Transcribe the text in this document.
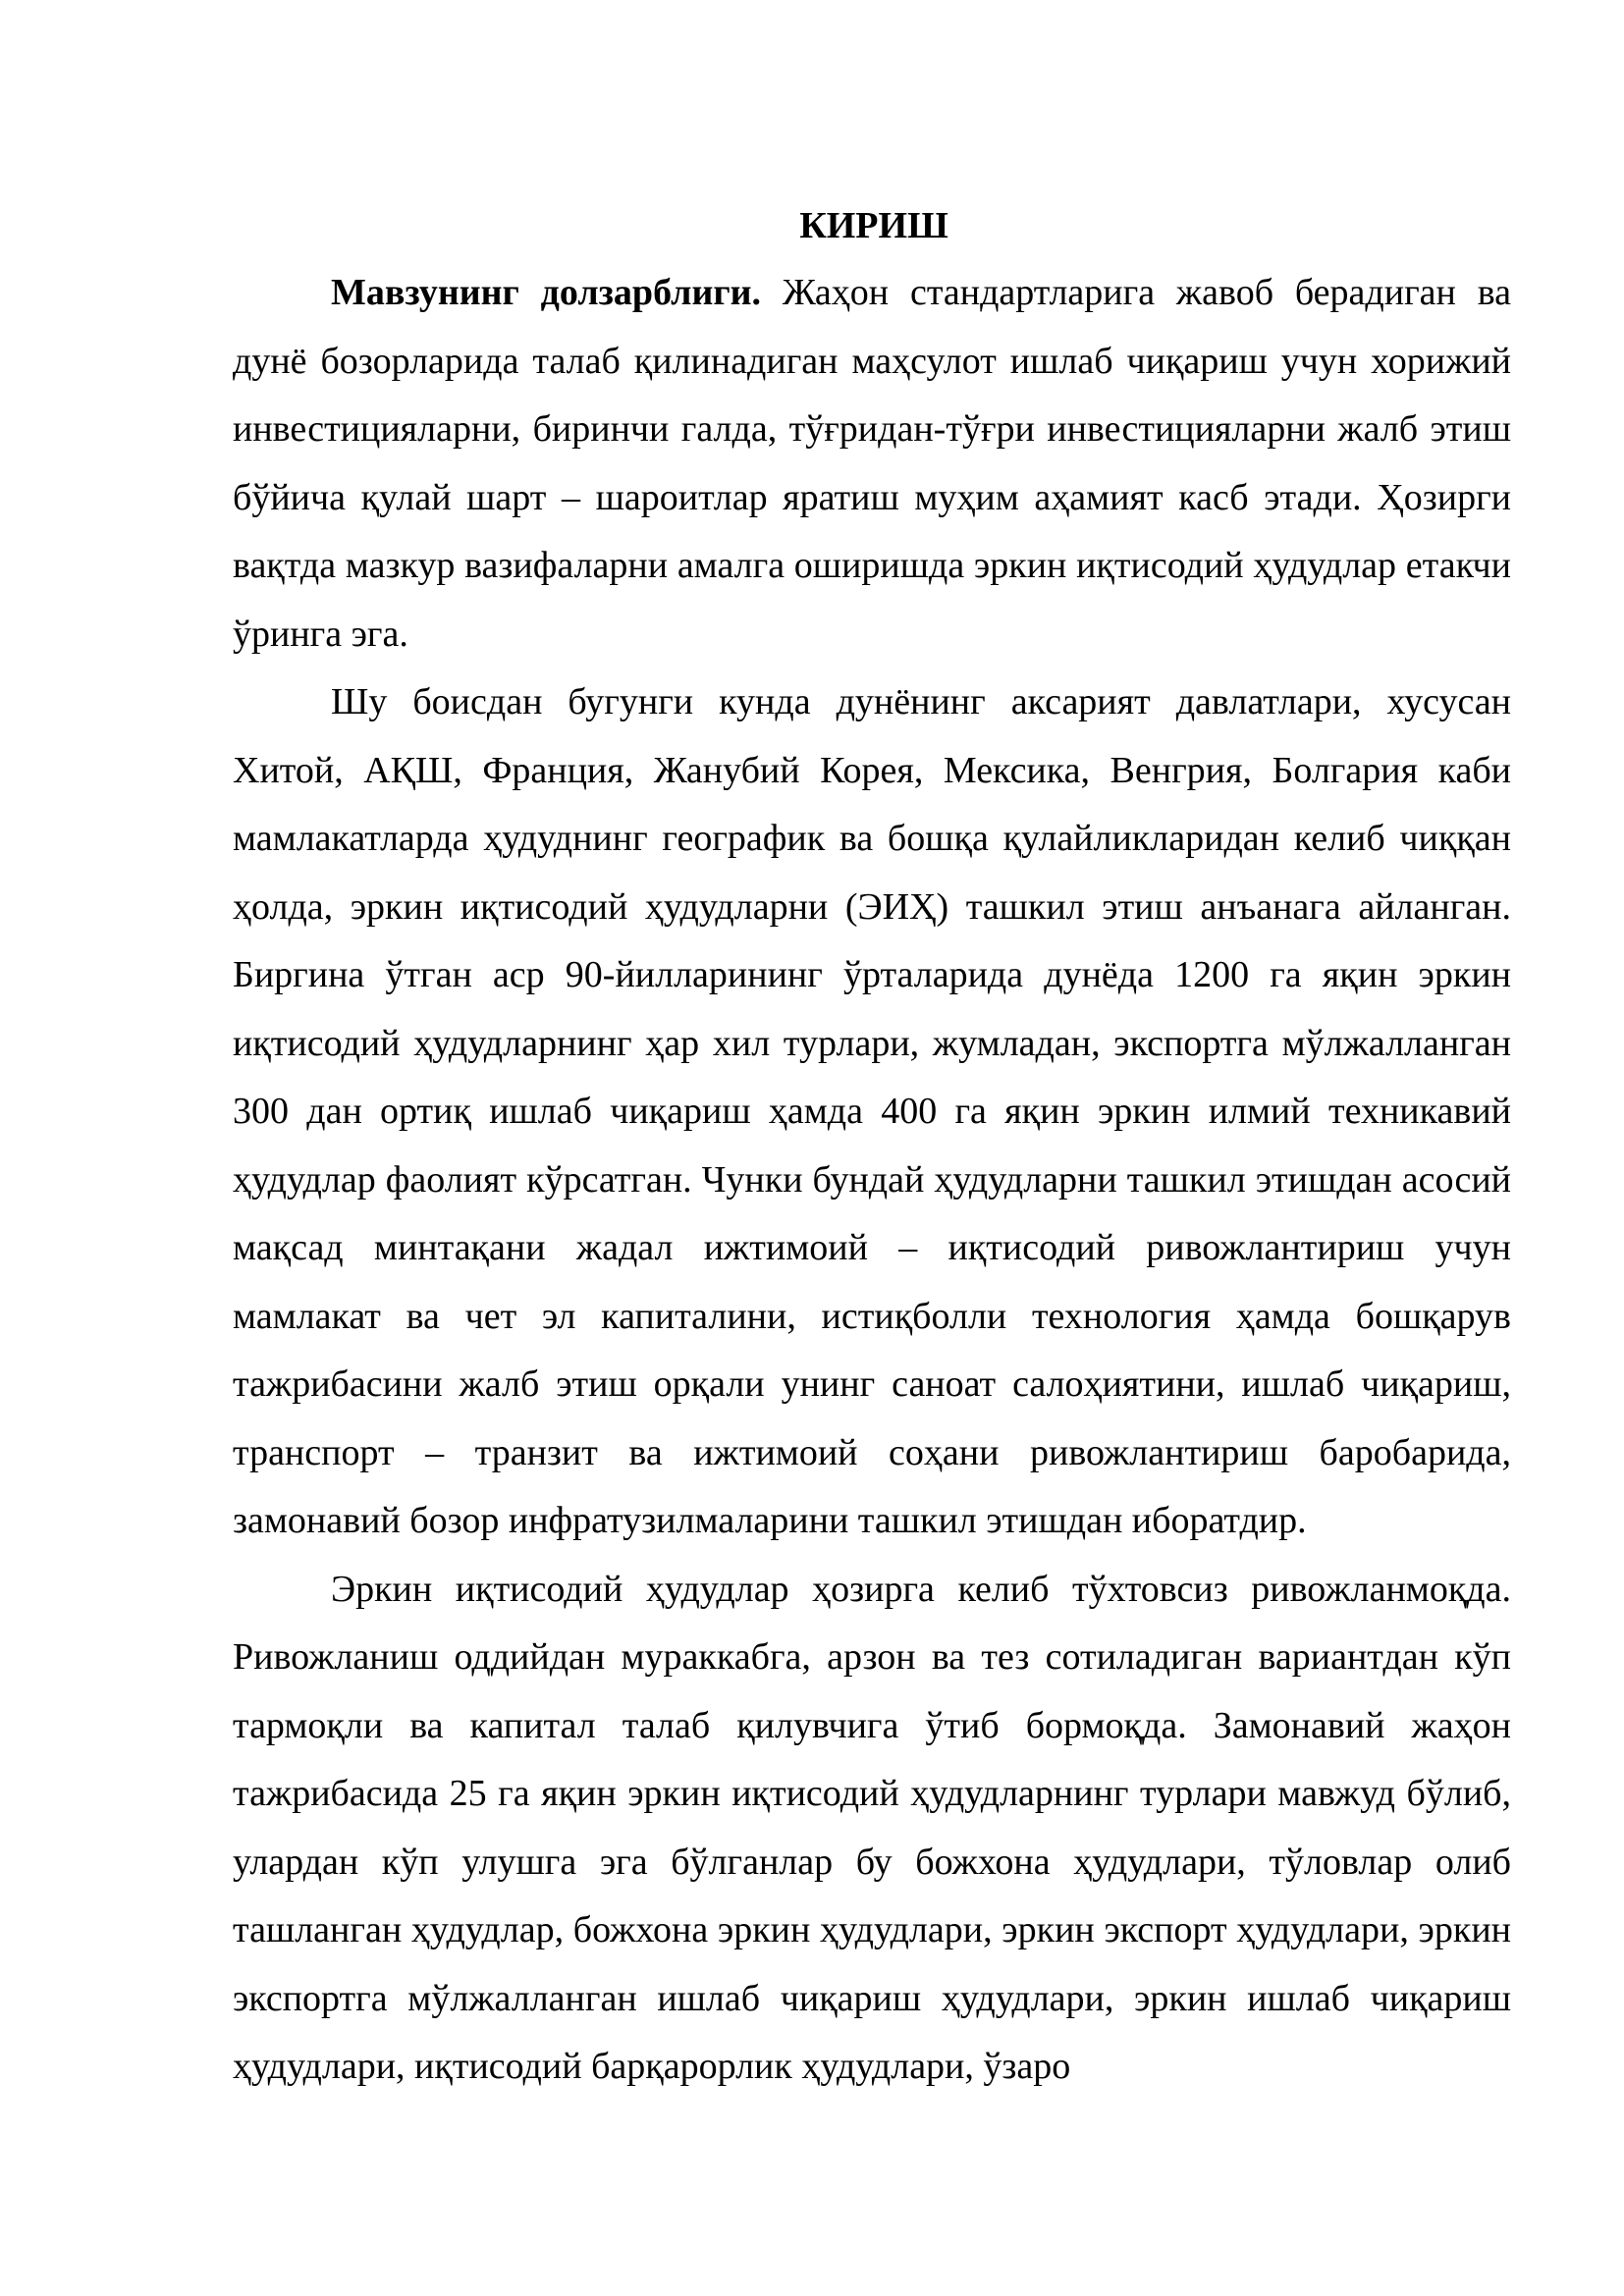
КИРИШ

Мавзунинг долзарблиги. Жаҳон стандартларига жавоб берадиган ва дунё бозорларида талаб қилинадиган маҳсулот ишлаб чиқариш учун хорижий инвестицияларни, биринчи галда, тўғридан-тўғри инвестицияларни жалб этиш бўйича қулай шарт – шароитлар яратиш муҳим аҳамият касб этади. Ҳозирги вақтда мазкур вазифаларни амалга оширишда эркин иқтисодий ҳудудлар етакчи ўринга эга.

Шу боисдан бугунги кунда дунёнинг аксарият давлатлари, хусусан Хитой, АҚШ, Франция, Жанубий Корея, Мексика, Венгрия, Болгария каби мамлакатларда ҳудуднинг географик ва бошқа қулайликларидан келиб чиққан ҳолда, эркин иқтисодий ҳудудларни (ЭИҲ) ташкил этиш анъанага айланган. Биргина ўтган аср 90-йилларининг ўрталарида дунёда 1200 га яқин эркин иқтисодий ҳудудларнинг ҳар хил турлари, жумладан, экспортга мўлжалланган 300 дан ортиқ ишлаб чиқариш ҳамда 400 га яқин эркин илмий техникавий ҳудудлар фаолият кўрсатган. Чунки бундай ҳудудларни ташкил этишдан асосий мақсад минтақани жадал ижтимоий – иқтисодий ривожлантириш учун мамлакат ва чет эл капиталини, истиқболли технология ҳамда бошқарув тажрибасини жалб этиш орқали унинг саноат салоҳиятини, ишлаб чиқариш, транспорт – транзит ва ижтимоий соҳани ривожлантириш баробарида, замонавий бозор инфратузилмаларини ташкил этишдан иборатдир.

Эркин иқтисодий ҳудудлар ҳозирга келиб тўхтовсиз ривожланмоқда. Ривожланиш оддийдан мураккабга, арзон ва тез сотиладиган вариантдан кўп тармоқли ва капитал талаб қилувчига ўтиб бормоқда. Замонавий жаҳон тажрибасида 25 га яқин эркин иқтисодий ҳудудларнинг турлари мавжуд бўлиб, улардан кўп улушга эга бўлганлар бу божхона ҳудудлари, тўловлар олиб ташланган ҳудудлар, божхона эркин ҳудудлари, эркин экспорт ҳудудлари, эркин экспортга мўлжалланган ишлаб чиқариш ҳудудлари, эркин ишлаб чиқариш ҳудудлари, иқтисодий барқарорлик ҳудудлари, ўзаро
